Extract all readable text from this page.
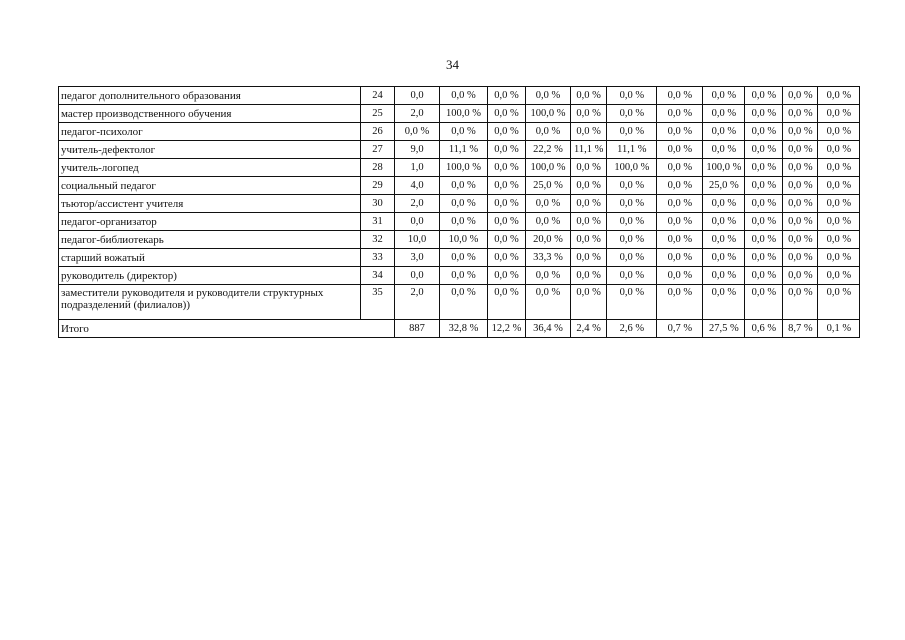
34
педагог дополнительного образования	24	0,0	0,0 %	0,0 %	0,0 %	0,0 %	0,0 %	0,0 %	0,0 %	0,0 %	0,0 %	0,0 %
мастер производственного обучения	25	2,0	100,0 %	0,0 %	100,0 %	0,0 %	0,0 %	0,0 %	0,0 %	0,0 %	0,0 %	0,0 %
педагог-психолог	26	0,0 %	0,0 %	0,0 %	0,0 %	0,0 %	0,0 %	0,0 %	0,0 %	0,0 %	0,0 %	0,0 %
учитель-дефектолог	27	9,0	11,1 %	0,0 %	22,2 %	11,1 %	11,1 %	0,0 %	0,0 %	0,0 %	0,0 %	0,0 %
учитель-логопед	28	1,0	100,0 %	0,0 %	100,0 %	0,0 %	100,0 %	0,0 %	100,0 %	0,0 %	0,0 %	0,0 %
социальный педагог	29	4,0	0,0 %	0,0 %	25,0 %	0,0 %	0,0 %	0,0 %	25,0 %	0,0 %	0,0 %	0,0 %
тьютор/ассистент учителя	30	2,0	0,0 %	0,0 %	0,0 %	0,0 %	0,0 %	0,0 %	0,0 %	0,0 %	0,0 %	0,0 %
педагог-организатор	31	0,0	0,0 %	0,0 %	0,0 %	0,0 %	0,0 %	0,0 %	0,0 %	0,0 %	0,0 %	0,0 %
педагог-библиотекарь	32	10,0	10,0 %	0,0 %	20,0 %	0,0 %	0,0 %	0,0 %	0,0 %	0,0 %	0,0 %	0,0 %
старший вожатый	33	3,0	0,0 %	0,0 %	33,3 %	0,0 %	0,0 %	0,0 %	0,0 %	0,0 %	0,0 %	0,0 %
руководитель (директор)	34	0,0	0,0 %	0,0 %	0,0 %	0,0 %	0,0 %	0,0 %	0,0 %	0,0 %	0,0 %	0,0 %
заместители руководителя и руководители структурных подразделений (филиалов))	35	2,0	0,0 %	0,0 %	0,0 %	0,0 %	0,0 %	0,0 %	0,0 %	0,0 %	0,0 %	0,0 %
Итого		887	32,8 %	12,2 %	36,4 %	2,4 %	2,6 %	0,7 %	27,5 %	0,6 %	8,7 %	0,1 %
